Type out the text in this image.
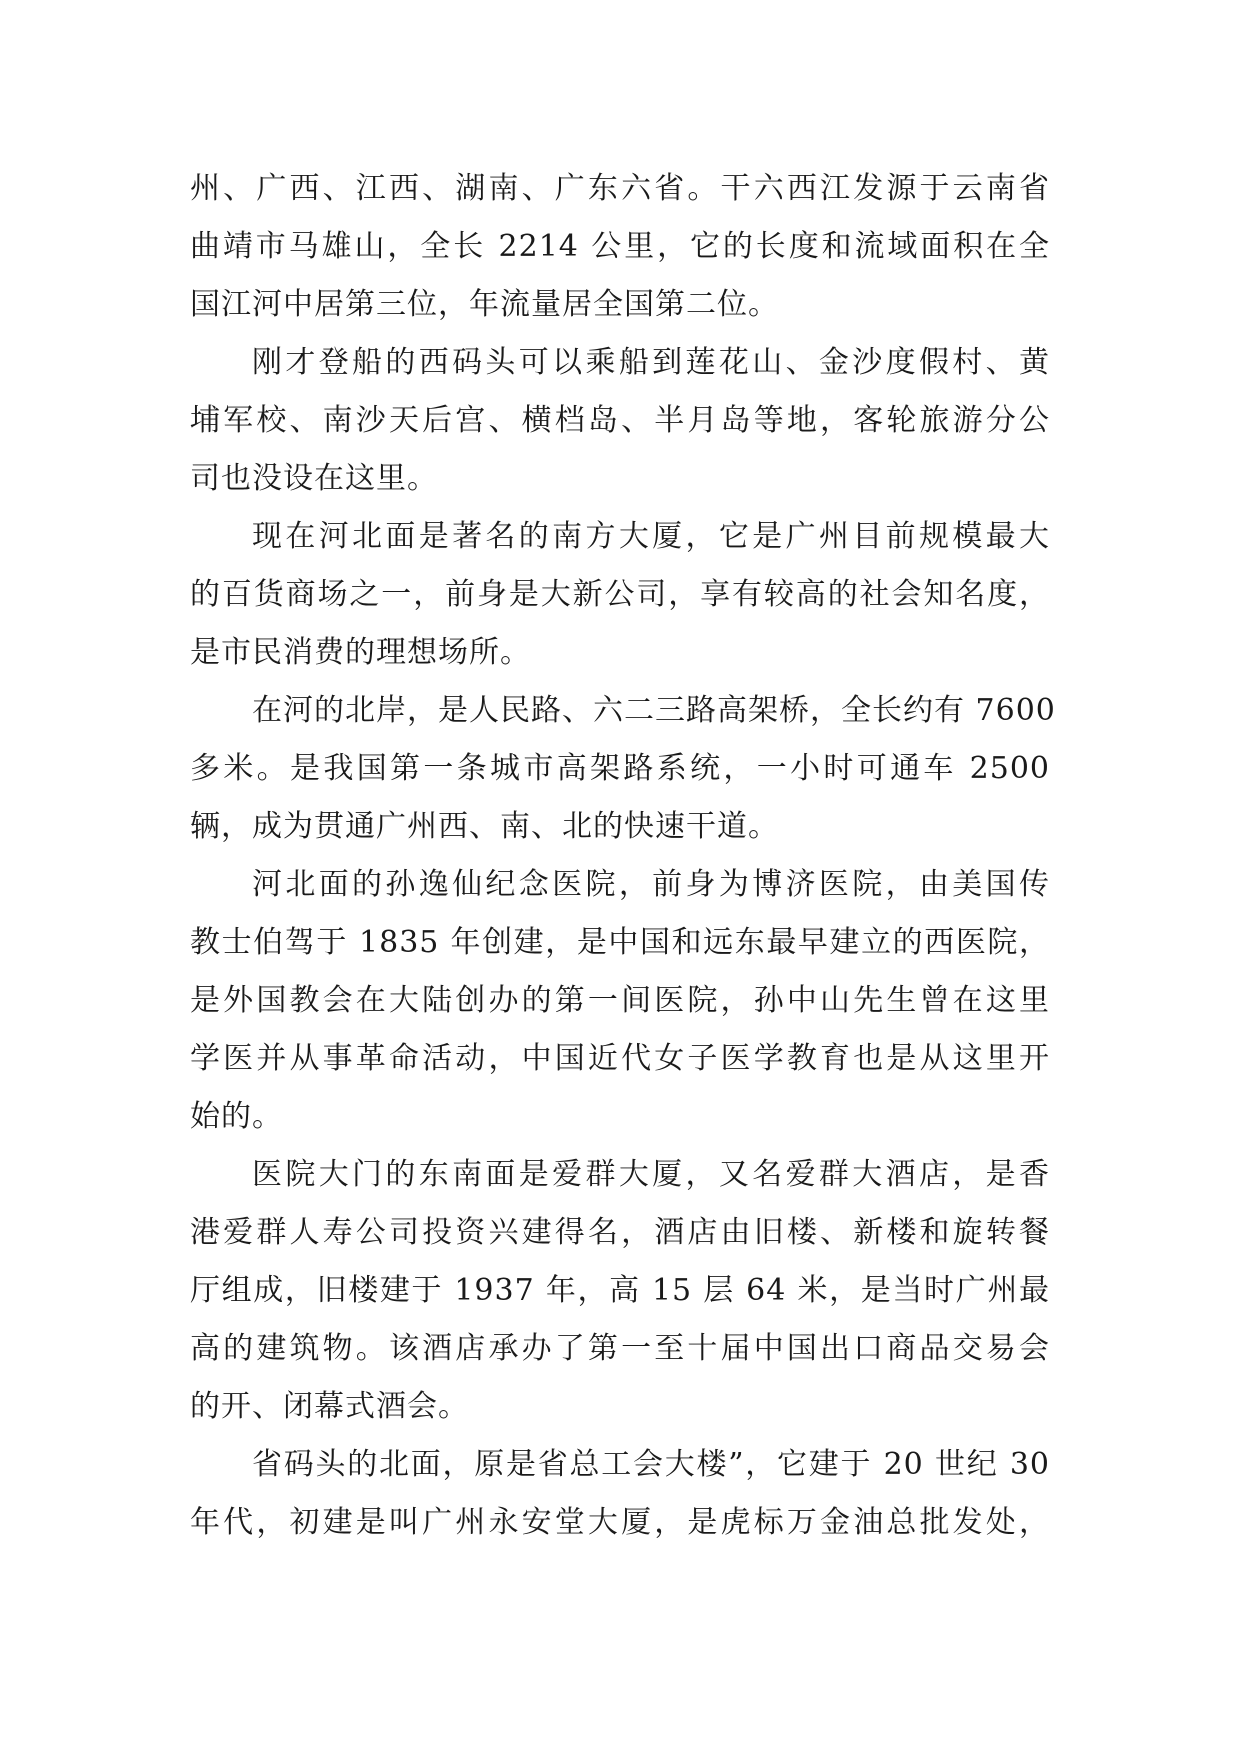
州、广西、江西、湖南、广东六省。干六西江发源于云南省
曲靖市马雄山，全长 2214 公里，它的长度和流域面积在全
国江河中居第三位，年流量居全国第二位。
刚才登船的西码头可以乘船到莲花山、金沙度假村、黄
埔军校、南沙天后宫、横档岛、半月岛等地，客轮旅游分公
司也没设在这里。
现在河北面是著名的南方大厦，它是广州目前规模最大
的百货商场之一，前身是大新公司，享有较高的社会知名度，
是市民消费的理想场所。
在河的北岸，是人民路、六二三路高架桥，全长约有 7600
多米。是我国第一条城市高架路系统，一小时可通车 2500
辆，成为贯通广州西、南、北的快速干道。
河北面的孙逸仙纪念医院，前身为博济医院，由美国传
教士伯驾于 1835 年创建，是中国和远东最早建立的西医院，
是外国教会在大陆创办的第一间医院，孙中山先生曾在这里
学医并从事革命活动，中国近代女子医学教育也是从这里开
始的。
医院大门的东南面是爱群大厦，又名爱群大酒店，是香
港爱群人寿公司投资兴建得名，酒店由旧楼、新楼和旋转餐
厅组成，旧楼建于 1937 年，高 15 层 64 米，是当时广州最
高的建筑物。该酒店承办了第一至十届中国出口商品交易会
的开、闭幕式酒会。
省码头的北面，原是省总工会大楼”，它建于 20 世纪 30
年代，初建是叫广州永安堂大厦，是虎标万金油总批发处，
